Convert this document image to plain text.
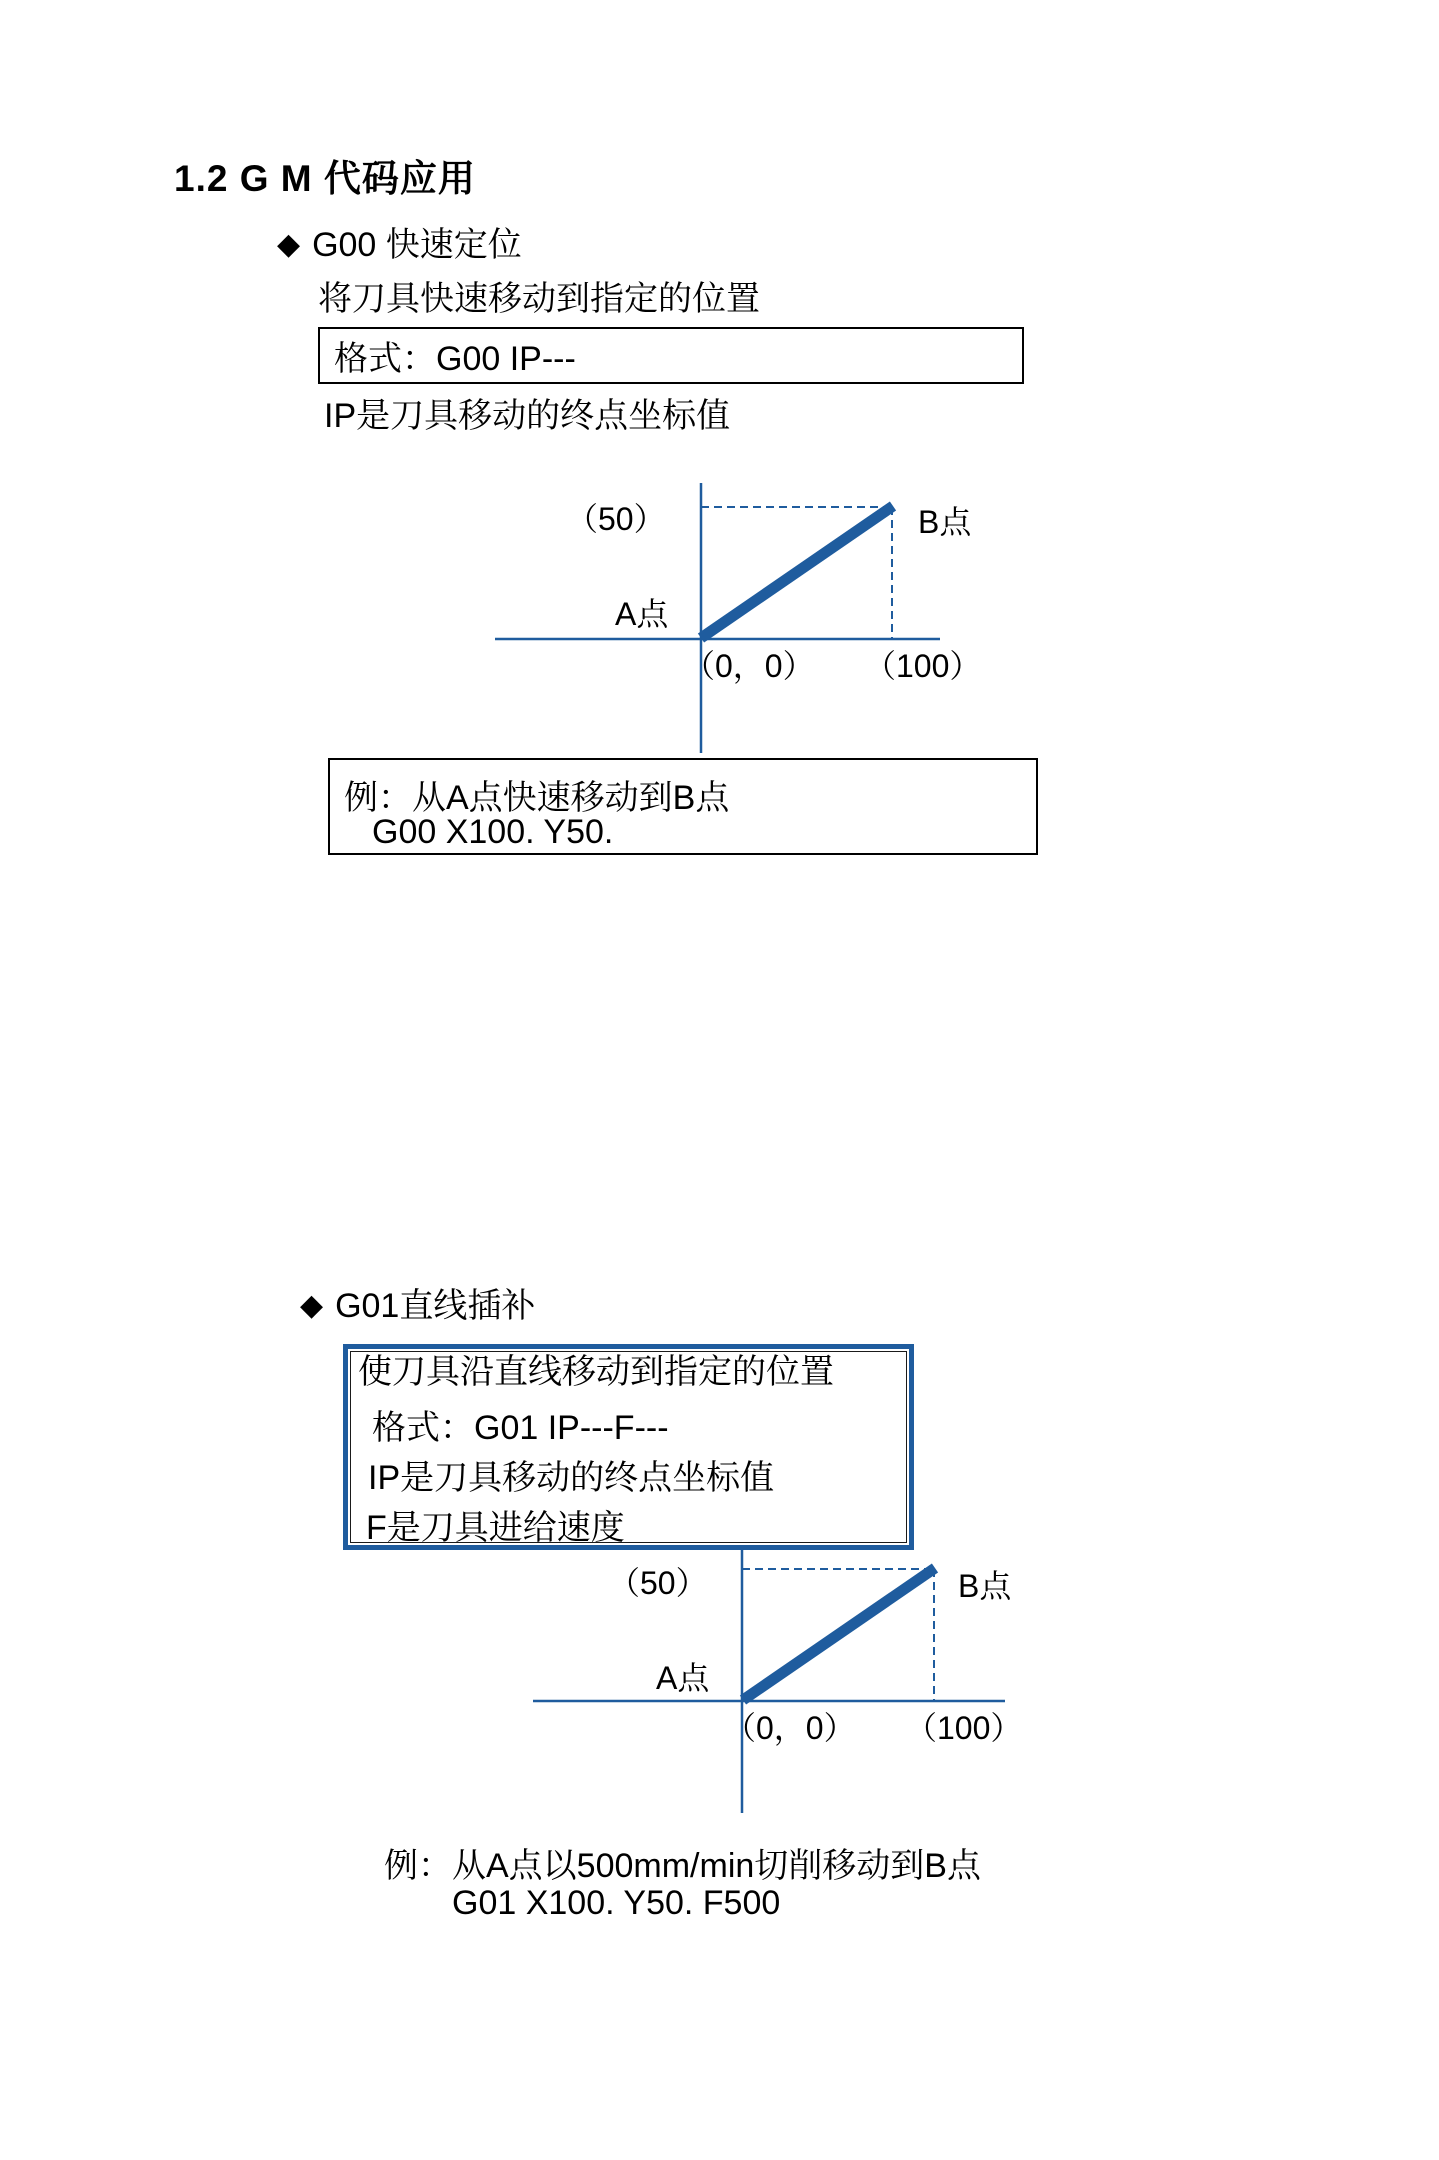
1.2 G M 代码应用
◆ G00 快速定位
将刀具快速移动到指定的位置
格式：G00 IP---
IP是刀具移动的终点坐标值
（50）	B点
A点
（0，0） （100）
例：从A点快速移动到B点
G00 X100. Y50.
◆ G01直线插补
使刀具沿直线移动到指定的位置
格式：G01 IP---F---
IP是刀具移动的终点坐标值
F是刀具进给速度
（50）	B点
A点
（0，0） （100）
例：从A点以500mm/min切削移动到B点
G01 X100. Y50. F500
